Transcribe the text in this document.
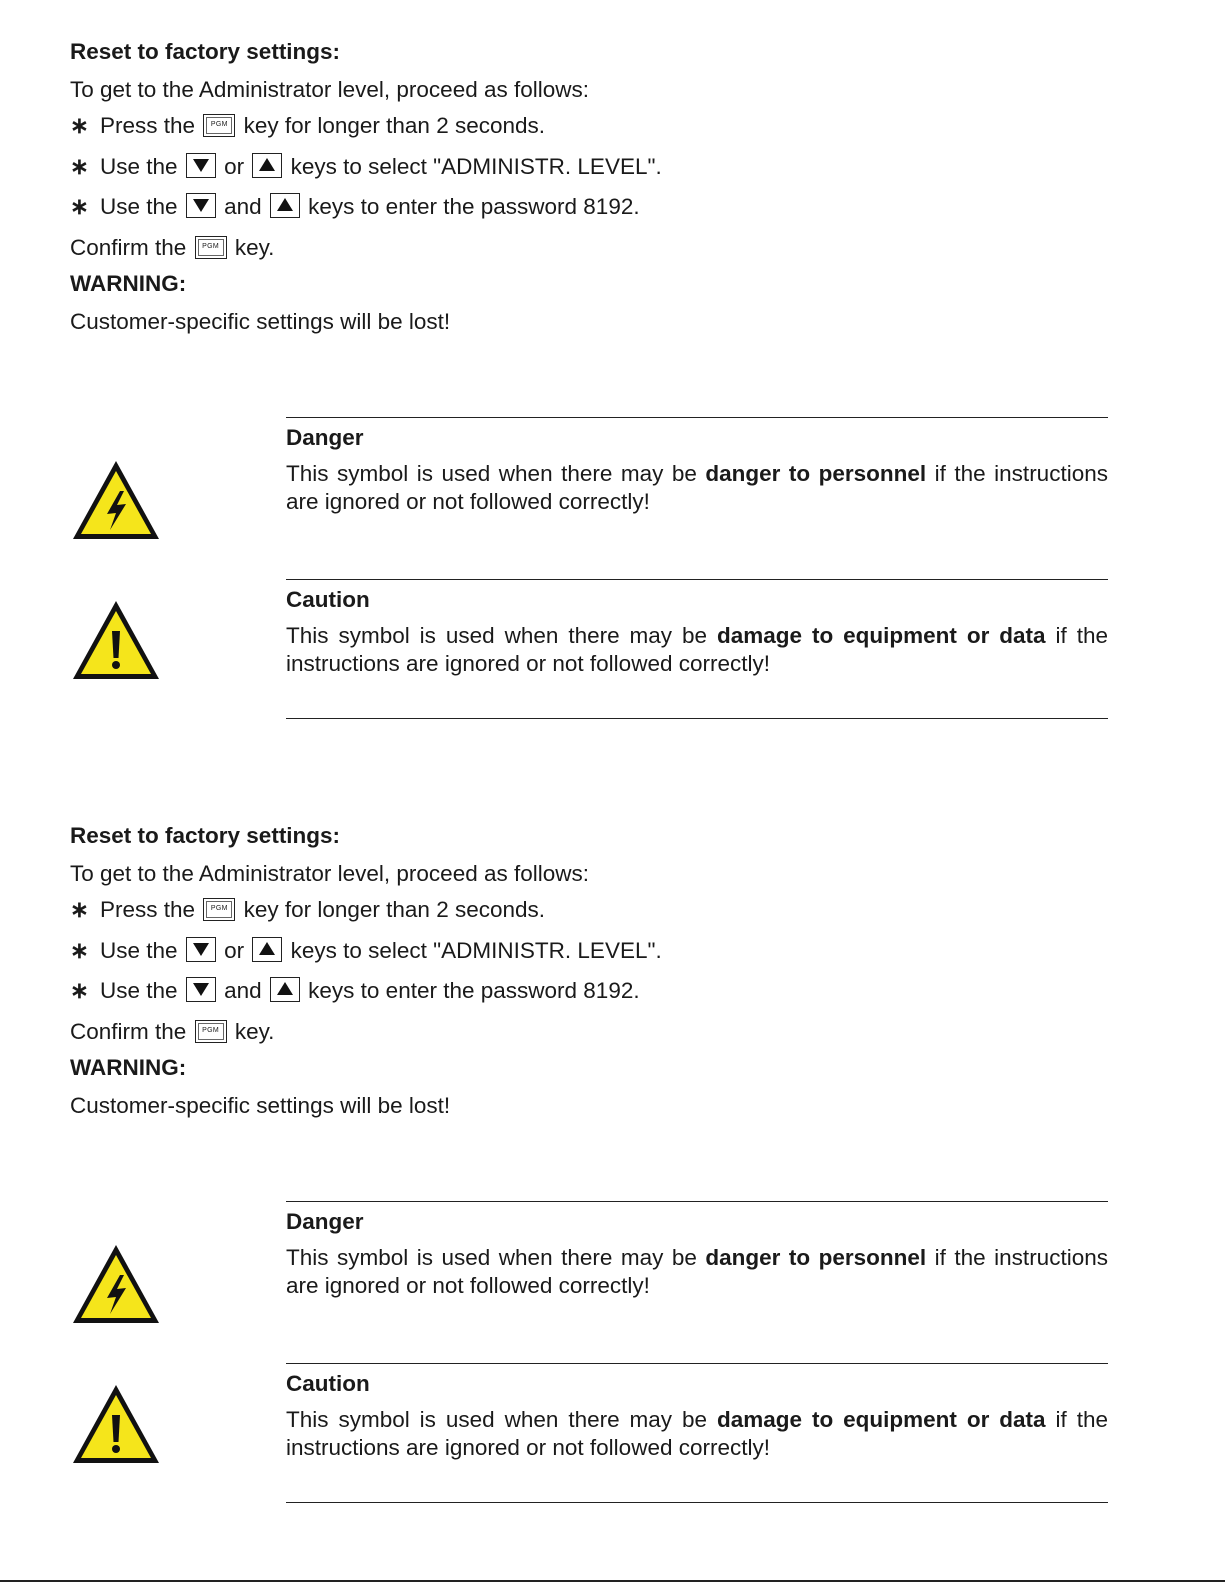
Reset to factory settings:
To get to the Administrator level, proceed as follows:
∗ Press the	PGM key for longer than 2 seconds.
∗ Use the or keys to select "ADMINISTR. LEVEL".
∗ Use the and keys to enter the password 8192.
Confirm the	PGM key.
WARNING:
Customer-specific settings will be lost!
Danger
This symbol is used when there may be danger to personnel if the instructions are ignored or not followed correctly!
Caution
This symbol is used when there may be damage to equipment or data if the instructions are ignored or not followed correctly!
Reset to factory settings:
To get to the Administrator level, proceed as follows:
∗ Press the	PGM key for longer than 2 seconds.
∗ Use the or keys to select "ADMINISTR. LEVEL".
∗ Use the and keys to enter the password 8192.
Confirm the	PGM key.
WARNING:
Customer-specific settings will be lost!
Danger
This symbol is used when there may be danger to personnel if the instructions are ignored or not followed correctly!
Caution
This symbol is used when there may be damage to equipment or data if the instructions are ignored or not followed correctly!
